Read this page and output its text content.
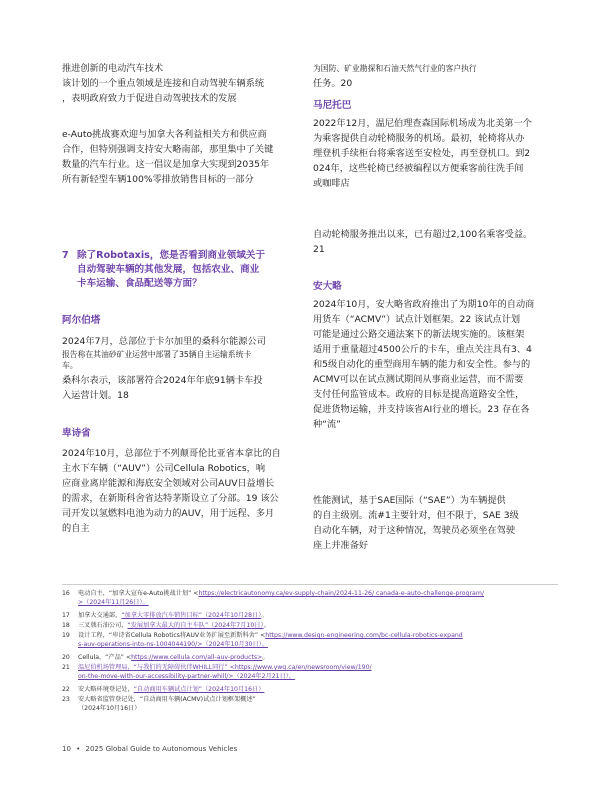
推进创新的电动汽车技术
该计划的一个重点领域是连接和自动驾驶车辆系统
，表明政府致力于促进自动驾驶技术的发展
e-Auto挑战赛欢迎与加拿大各利益相关方和供应商
合作，但特别强调支持安大略南部，那里集中了关键
数量的汽车行业。这一倡议是加拿大实现到2035年
所有新轻型车辆100%零排放销售目标的一部分
7 除了Robotaxis，您是否看到商业领域关于
自动驾驶车辆的其他发展，包括农业、商业
卡车运输、食品配送等方面？
阿尔伯塔
2024年7月，总部位于卡尔加里的桑科尔能源公司
报告称在其油砂矿业运营中部署了35辆自主运输系统卡
车。
桑科尔表示，该部署符合2024年年底91辆卡车投
入运营计划。18
卑诗省
2024年10月，总部位于不列颠哥伦比亚省本拿比的自
主水下车辆（“AUV”）公司Cellula Robotics，响
应商业离岸能源和海底安全领域对公司AUV日益增长
的需求，在新斯科舍省达特茅斯设立了分部。19 该公
司开发以氢燃料电池为动力的AUV，用于远程、多月
的自主
为国防、矿业勘探和石油天然气行业的客户执行
任务。20
马尼托巴
2022年12月，温尼伯理查森国际机场成为北美第一个
为乘客提供自动轮椅服务的机场。最初，轮椅将从办
理登机手续柜台将乘客送至安检处，再至登机口。到2
024年，这些轮椅已经被编程以方便乘客前往洗手间
或咖啡店
自动轮椅服务推出以来，已有超过2,100名乘客受益。
21
安大略
2024年10月，安大略省政府推出了为期10年的自动商
用货车（“ACMV”）试点计划框架。22 该试点计划
可能是通过公路交通法案下的新法规实施的。该框架
适用于重量超过4500公斤的卡车，重点关注具有3、4
和5级自动化的重型商用车辆的能力和安全性。参与的
ACMV可以在试点测试期间从事商业运营，而不需要
支付任何监管成本。政府的目标是提高道路安全性，
促进货物运输，并支持该省AI行业的增长。23 存在各
种“流”
性能测试，基于SAE国际（“SAE”）为车辆提供
的自主级别。流#1主要针对，但不限于，SAE 3级
自动化车辆，对于这种情况，驾驶员必须坐在驾驶
座上并准备好
16 电动自主，“加拿大宣布e-Auto挑战计划” <https://electricautonomy.ca/ev-supply-chain/2024-11-26/ canada-e-auto-challenge-program/
>（2024年11月26日）。
17 加拿大交通部，“加拿大零排放汽车销售目标”（2024年10月28日）。
18 三叉戟石油公司，“发展加拿大最大的自主车队”（2024年7月10日）。
19 设计工程，“卑诗省Cellula Robotics将AUV业务扩展至新斯科舍” <https://www.design-engineering.com/bc-cellula-robotics-expand
s-auv-operations-into-ns-1004044190/>（2024年10月30日）。
20 Cellula，“产品” <https://www.cellula.com/all-auv-products>。
21 温尼伯机场管理局，“与我们的无障碍伙伴WHILL同行” <https://www.ywg.ca/en/newsroom/view/190/
on-the-move-with-our-accessibility-partner-whill/>（2024年2月21日）。
22 安大略环境登记处，“自动商用车辆试点计划”（2024年10月16日）
23 安大略省监管登记处，“自动商用车辆(ACMV)试点计划框架概述”
（2024年10月16日）
10 • 2025 Global Guide to Autonomous Vehicles
